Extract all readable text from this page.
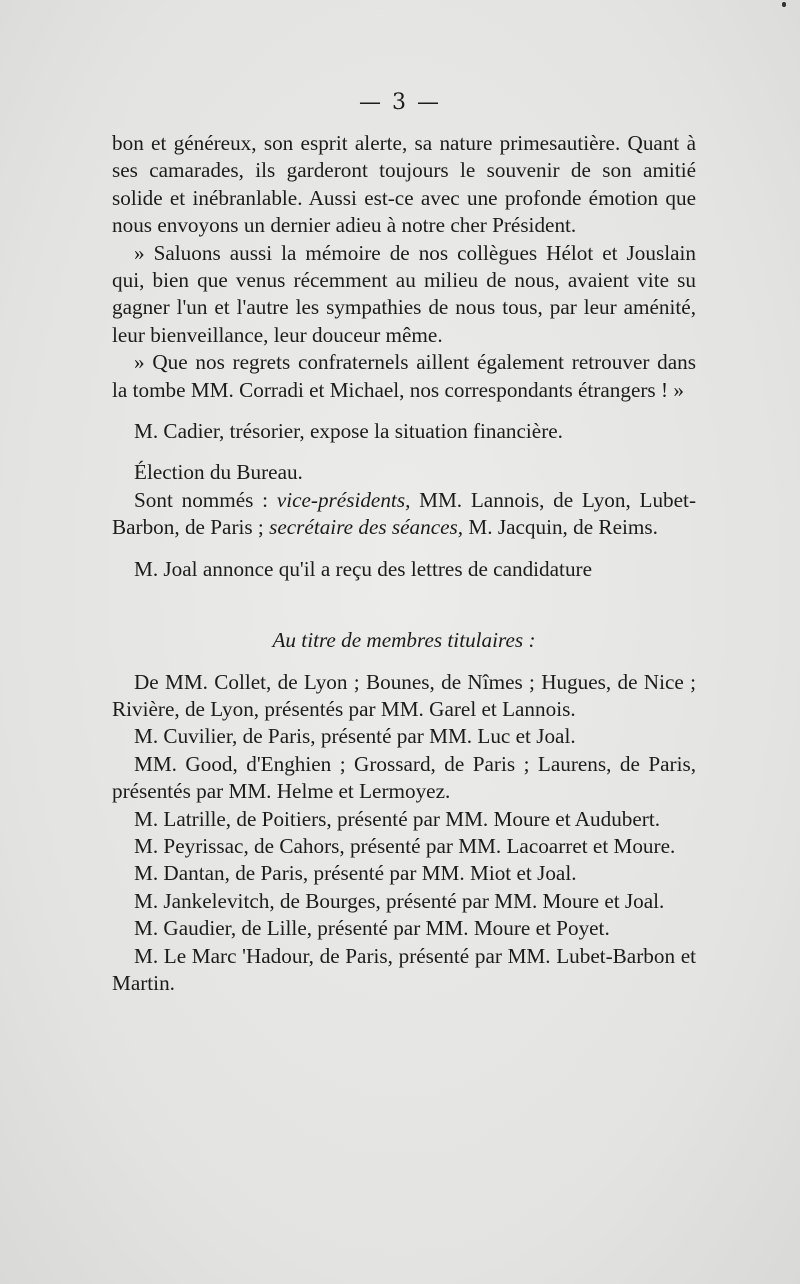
— 3 —

bon et généreux, son esprit alerte, sa nature primesautière. Quant à ses camarades, ils garderont toujours le souvenir de son amitié solide et inébranlable. Aussi est-ce avec une profonde émotion que nous envoyons un dernier adieu à notre cher Président.

» Saluons aussi la mémoire de nos collègues Hélot et Jouslain qui, bien que venus récemment au milieu de nous, avaient vite su gagner l'un et l'autre les sympathies de nous tous, par leur aménité, leur bienveillance, leur douceur même.

» Que nos regrets confraternels aillent également retrouver dans la tombe MM. Corradi et Michael, nos correspondants étrangers ! »

M. Cadier, trésorier, expose la situation financière.

Élection du Bureau.

Sont nommés : vice-présidents, MM. Lannois, de Lyon, Lubet-Barbon, de Paris ; secrétaire des séances, M. Jacquin, de Reims.

M. Joal annonce qu'il a reçu des lettres de candidature

Au titre de membres titulaires :

De MM. Collet, de Lyon ; Bounes, de Nîmes ; Hugues, de Nice ; Rivière, de Lyon, présentés par MM. Garel et Lannois.

M. Cuvilier, de Paris, présenté par MM. Luc et Joal.

MM. Good, d'Enghien ; Grossard, de Paris ; Laurens, de Paris, présentés par MM. Helme et Lermoyez.

M. Latrille, de Poitiers, présenté par MM. Moure et Audubert.

M. Peyrissac, de Cahors, présenté par MM. Lacoarret et Moure.

M. Dantan, de Paris, présenté par MM. Miot et Joal.

M. Jankelevitch, de Bourges, présenté par MM. Moure et Joal.

M. Gaudier, de Lille, présenté par MM. Moure et Poyet.

M. Le Marc 'Hadour, de Paris, présenté par MM. Lubet-Barbon et Martin.
